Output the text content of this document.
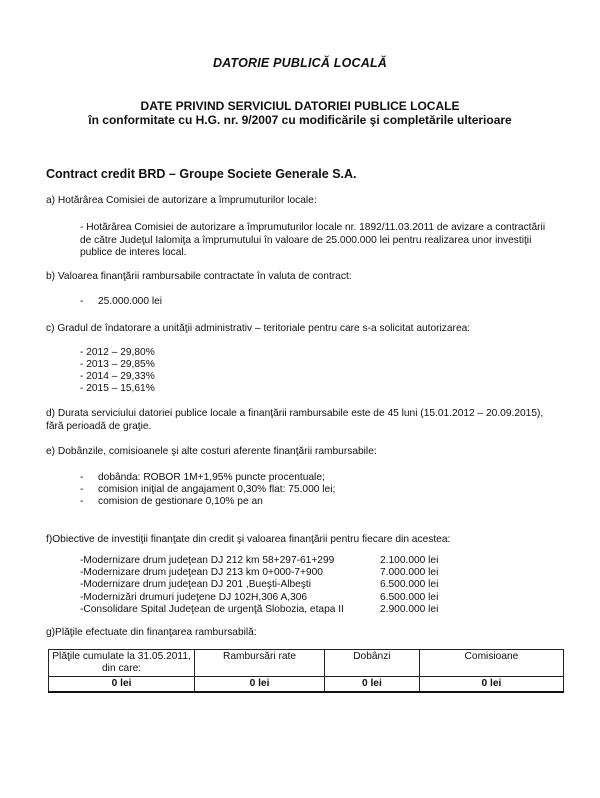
DATORIE PUBLICĂ LOCALĂ
DATE PRIVIND SERVICIUL DATORIEI PUBLICE LOCALE
în conformitate cu H.G. nr. 9/2007 cu modificările şi completările ulterioare
Contract credit BRD – Groupe Societe Generale S.A.
a) Hotărârea Comisiei de autorizare a împrumuturilor locale:
- Hotărârea Comisiei de autorizare a împrumuturilor locale nr. 1892/11.03.2011 de avizare a contractării de către Judeţul Ialomiţa a împrumutului în valoare de 25.000.000 lei pentru realizarea unor investiţii publice de interes local.
b) Valoarea finanţării rambursabile contractate în valuta de contract:
- 25.000.000 lei
c) Gradul de îndatorare a unităţii administrativ – teritoriale pentru care s-a solicitat autorizarea:
- 2012 – 29,80%
- 2013 – 29,85%
- 2014 – 29,33%
- 2015 – 15,61%
d) Durata serviciului datoriei publice locale a finanţării rambursabile este de 45 luni (15.01.2012 – 20.09.2015), fără perioadă de graţie.
e) Dobânzile, comisioanele şi alte costuri aferente finanţării rambursabile:
- dobânda: ROBOR 1M+1,95% puncte procentuale;
- comision iniţial de angajament 0,30% flat: 75.000 lei;
- comision de gestionare 0,10% pe an
f)Obiective de investiţii finanţate din credit şi valoarea finanţării pentru fiecare din acestea:
-Modernizare drum judeţean DJ 212 km 58+297-61+299	2.100.000 lei
-Modernizare drum judeţean DJ 213 km 0+000-7+900	7.000.000 lei
-Modernizare drum judeţean DJ 201 ,Bueşti-Albeşti	6.500.000 lei
-Modernizări drumuri judeţene DJ 102H,306 A,306	6.500.000 lei
-Consolidare Spital Judeţean de urgenţă Slobozia, etapa II	2.900.000 lei
g)Plăţile efectuate din finanţarea rambursabilă:
Plăţile cumulate la 31.05.2011, din care:	Rambursări rate	Dobânzi	Comisioane
0 lei	0 lei	0 lei	0 lei
